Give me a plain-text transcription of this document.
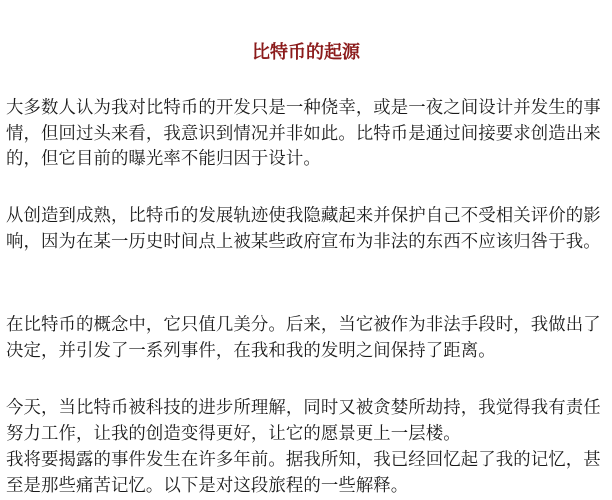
比特币的起源

大多数人认为我对比特币的开发只是一种侥幸，或是一夜之间设计并发生的事情，但回过头来看，我意识到情况并非如此。比特币是通过间接要求创造出来的，但它目前的曝光率不能归因于设计。

从创造到成熟，比特币的发展轨迹使我隐藏起来并保护自己不受相关评价的影响，因为在某一历史时间点上被某些政府宣布为非法的东西不应该归咎于我。

在比特币的概念中，它只值几美分。后来，当它被作为非法手段时，我做出了决定，并引发了一系列事件，在我和我的发明之间保持了距离。

今天，当比特币被科技的进步所理解，同时又被贪婪所劫持，我觉得我有责任努力工作，让我的创造变得更好，让它的愿景更上一层楼。

我将要揭露的事件发生在许多年前。据我所知，我已经回忆起了我的记忆，甚至是那些痛苦记忆。以下是对这段旅程的一些解释。
